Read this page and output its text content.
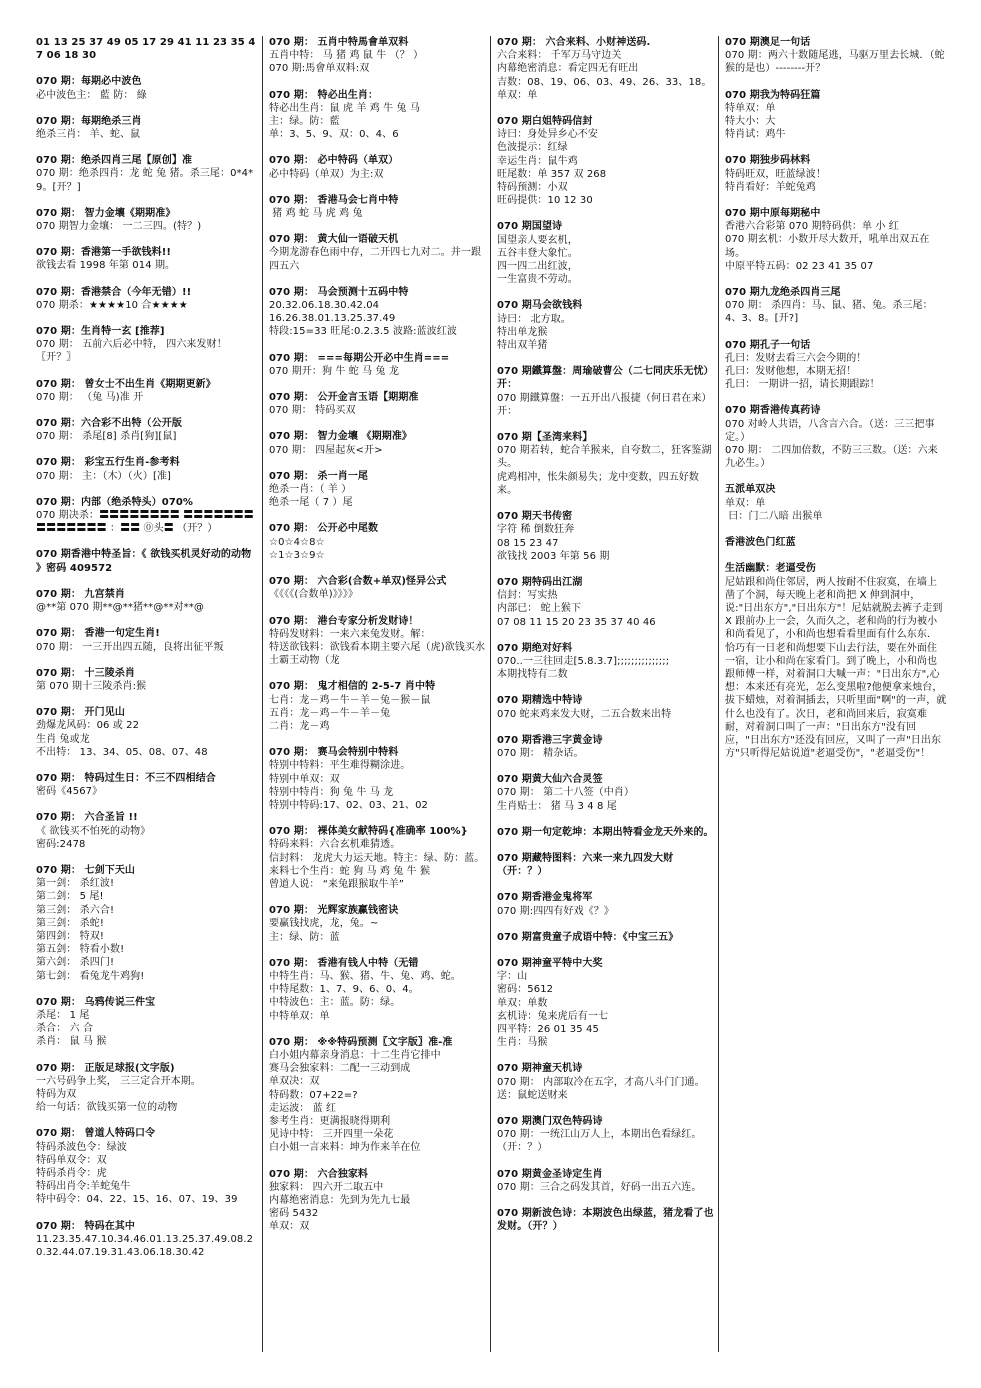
01 13 25 37 49 05 17 29 41 11 23 35 47 06 18 30
070 期：每期必中波色
必中波色主： 藍 防： 綠
070 期：每期绝杀三肖
绝杀三肖： 羊、蛇、鼠
070 期：绝杀四肖三尾【原创】准
070 期：绝杀四肖：龙 蛇 兔 猪。杀三尾：0*4*9。[开？]
070 期： 智力金壤《期期准》
070 期智力金壤： 一二三四。(特？)
070 期：香港第一手欲钱料!!
欲钱去看 1998 年第 014 期。
070 期：香港禁合（今年无错）!!
070 期杀：★★★★10 合★★★★
070 期：生肖特一玄 [推荐]
070 期： 五前六后必中特， 四六来发财！〖开？〗
070 期： 曾女士不出生肖《期期更新》
070 期： （兔 马)准 开
070 期：六合彩不出特（公开版
070 期： 杀尾[8] 杀肖[狗][鼠]
070 期： 彩宝五行生肖-参考料
070 期： 主：（木）（火）[准]
070 期：内部（绝杀特头）070%
070 期决杀：〓〓〓〓〓〓〓〓 〓〓〓〓〓〓〓〓〓〓〓〓〓〓 ：〓〓 ⓪头〓 （开？）
070 期香港中特圣旨：《 欲钱买机灵好动的动物 》密码 409572
070 期： 九宫禁肖
@**第 070 期**@**猪**@**对**@
070 期： 香港一句定生肖!
070 期： 一三开出四五随，良将出征平叛
070 期： 十三陵杀肖
第 070 期十三陵杀肖:猴
070 期： 开门见山
劲爆龙风码：06 或 22
生肖 兔或龙
不出特： 13、34、05、08、07、48
070 期： 特码过生日：不三不四相结合
密码《4567》
070 期： 六合圣旨 !!
《 欲钱买不怕死的动物》
密码:2478
070 期： 七剑下天山
第一剑： 杀红波!
第二剑： 5 尾!
第三剑： 杀六合!
第三剑： 杀蛇!
第四剑： 特双!
第五剑： 特看小数!
第六剑： 杀四门!
第七剑： 看兔龙牛鸡狗!
070 期： 乌鸦传说三件宝
杀尾： 1 尾
杀合： 六 合
杀肖： 鼠 马 猴
070 期： 正版足球报(文字版)
一六号码争上奖， 三三定合开本期。
特码为双
给一句话：欲钱买第一位的动物
070 期： 曾道人特码口令
特码杀波色令：绿波
特码单双令：双
特码杀肖令：虎
特码出肖令:羊蛇兔牛
特中码令：04、22、15、16、07、19、39
070 期： 特码在其中
11.23.35.47.10.34.46.01.13.25.37.49.08.20.32.44.07.19.31.43.06.18.30.42
070 期： 五肖中特馬會单双料
五肖中特： 马 猪 鸡 鼠 牛 （？ ）
070 期:馬會单双料:双
070 期： 特必出生肖：
特必出生肖：鼠 虎 羊 鸡 牛 兔 马
主：绿。防：藍
单：3、5、9、双：0、4、6
070 期： 必中特码（单双）
必中特码（单双）为主:双
070 期： 香港马会七肖中特
猪 鸡 蛇 马 虎 鸡 兔
070 期： 黄大仙一语破天机
今期龙游春色雨中存，二开四七九对二。并一跟四五六
070 期： 马会预测十五码中特
20.32.06.18.30.42.04
16.26.38.01.13.25.37.49
特段:15=33 旺尾:0.2.3.5 波路:蓝波红波
070 期： ===每期公开必中生肖===
070 期开：狗 牛 蛇 马 兔 龙
070 期： 公开金言玉语【期期准
070 期： 特码买双
070 期： 智力金壤 《期期准》
070 期： 四屋起灰<开>
070 期： 杀一肖一尾
绝杀一肖：（ 羊 ）
绝杀一尾（ 7 ）尾
070 期： 公开必中尾数
☆0☆4☆8☆
☆1☆3☆9☆
070 期： 六合彩(合数+单双)怪异公式
《《《《(合数单)》》》》
070 期： 港台专家分析发财诗！
特码发财料：一来六来兔发财。解：
特送欲钱料：欲钱看本期主要六尾（虎)欲钱买水土霸王动物（龙
070 期： 鬼才相信的 2-5-7 肖中特
七肖：龙－鸡－牛－羊－兔－猴－鼠
五肖：龙－鸡－牛－羊－兔
二肖：龙－鸡
070 期： 赛马会特别中特料
特别中特料：平生难得糊涂进。
特别中单双：双
特别中特肖：狗 兔 牛 马 龙
特别中特码:17、02、03、21、02
070 期： 裸体美女献特码{准确率 100%}
特码来料：六合玄机难猜透。
信封料： 龙虎大力运天地。特主：绿、防：蓝。
来料七个生肖：蛇 狗 马 鸡 兔 牛 猴
曾道人说： “来兔跟猴取牛羊”
070 期： 光辉家族赢钱密诀
要赢钱找虎，龙，兔。~
主：绿、防：蓝
070 期： 香港有钱人中特（无错
中特生肖：马、猴、猪、牛、兔、鸡、蛇。
中特尾数：1、7、9、6、0、4。
中特波色：主：蓝。防：绿。
中特单双：单
070 期： ※※特码预测〖文字版〗准-准
白小姐内幕亲身消息：十二生肖它排中
赛马会独家料：二配一三动到成
单双决：双
特码数：07+22=?
走运波： 蓝 红
参考生肖：更满报晓得期利
见诗中特： 三开四里一朵花
白小姐一言来料：坤为作来羊在位
070 期： 六合独家料
独家料： 四六开二取五中
内幕绝密消息：先到为先九七最
密码 5432
单双：双
070 期： 六合来料、小财神送码.
六合来料： 千军万马守边关
内幕绝密消息：看定四无有旺出
吉数：08、19、06、03、49、26、33、18。
单双：单
070 期白姐特码信封
诗曰：身处异乡心不安
色波提示：红绿
幸运生肖：鼠牛鸡
旺尾数：单 357 双 268
特码预测：小双
旺码提供：10 12 30
070 期国望诗
国望亲人要玄机，
五谷丰登大象忙。
四一四二出红波，
一生富贵不劳动。
070 期马会欲钱料
诗曰： 北方取。
特出单龙猴
特出双羊猪
070 期鐵算盤：周瑜破曹公（二七同庆乐无忧）开：
070 期鐵算盤：一五开出八报捷（何日君在来）开：
070 期【圣湾来料】
070 期若转，蛇合羊猴来，自夸数二，狂客鉴湖头。
虎鸡相冲，怅朱颜易失；龙中变数，四五好数来。
070 期天书传密
字符 稀 倒数狂奔
08 15 23 47
欲钱找 2003 年第 56 期
070 期特码出江湖
信封：写实热
内部已： 蛇上猴下
07 08 11 15 20 23 35 37 40 46
070 期绝对好料
070..一三往回走[5.8.3.7];;;;;;;;;;;;;;;
本期找特有二数
070 期精选中特诗
070 蛇来鸡来发大财，二五合数来出特
070 期香港三字黄金诗
070 期： 精杂话。
070 期黄大仙六合灵签
070 期： 第二十八签（中肖）
生肖贴士： 猪 马 3 4 8 尾
070 期一句定乾坤：本期出特看金龙天外来的。
070 期藏特图料：六来一来九四发大财（开：？）
070 期香港金鬼将军
070 期:四四有好戏《？》
070 期富贵童子成语中特：《中宝三五》
070 期神童平特中大奖
字：山
密码：5612
单双：单数
玄机诗：兔来虎后有一七
四平特：26 01 35 45
生肖：马猴
070 期神童天机诗
070 期： 内部取冷在五字，才高八斗门门通。 送：鼠蛇送财来
070 期澳门双色特码诗
070 期：一统江山万人上，本期出色看绿红。（开：？）
070 期黄金圣诗定生肖
070 期：三合之码发其首，好码一出五六连。
070 期新波色诗：本期波色出绿蓝，猪龙看了也发财。（开？）
070 期澳足一句话
070 期：两六十数随尾逃，马驱万里去长城．（蛇猴的是也）--------开？
070 期我为特码狂篇
特单双：单
特大小：大
特肖试：鸡牛
070 期独步码林料
特码旺双，旺蓝绿波！
特肖看好：羊蛇兔鸡
070 期中原每期秘中
香港六合彩第 070 期特码供：单 小 红
070 期玄机：小数开尽大数开，吼单出双五在场。
中原平特五码：02 23 41 35 07
070 期九龙绝杀四肖三尾
070 期： 杀四肖：马、鼠、猪、兔。杀三尾：4、3、8。[开?]
070 期孔子一句话
孔曰：发财去看三六会今期的！
孔曰：发财他想，本期无招！
孔曰： 一期讲一招，请长期跟踪！
070 期香港传真药诗
070 对岭人共语，八含言六合。（送：三三把事定。）
070 期： 二四加倍数，不防三三数。（送：六来九必生。）
五派单双决
单双：单
曰：门二八暗 出猴单
香港波色门红蓝
生活幽默：老逼受伤
尼姑跟和尚住邻居，两人按耐不住寂寞，在墙上凿了个洞，每天晚上老和尚把 X 伸到洞中，说:"日出东方","日出东方"！尼姑就脱去裤子走到 X 跟前办上一会，久而久之，老和尚的行为被小和尚看见了，小和尚也想看看里面有什么东东．恰巧有一日老和尚想要下山去行法，要在外面住一宿，让小和尚在家看门。到了晚上，小和尚也跟师傅一样，对着洞口大喊一声："日出东方",心想：本来还有亮光，怎么变黑啦?他便拿来烛台，拔下蜡烛，对着洞插去，只听里面"啊"的一声，就什么也没有了。次日，老和尚回来后，寂寞难耐，对着洞口叫了一声："日出东方"没有回应，"日出东方"还没有回应，又叫了一声"日出东方"只听得尼姑说道"老逼受伤"，"老逼受伤"！
